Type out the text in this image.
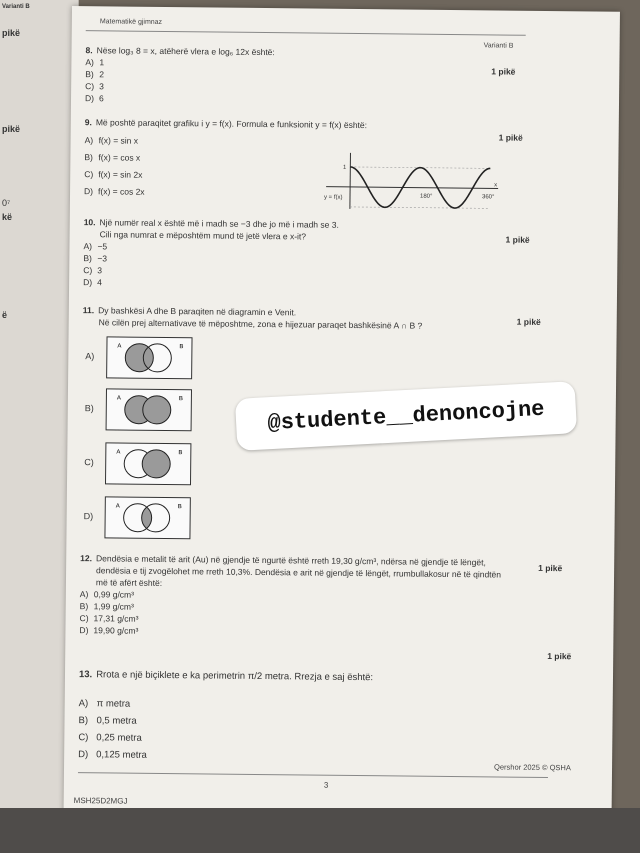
Varianti B
pikë
pikë
0⁷
kë
ë
Matematikë gjimnaz
Varianti B
8. Nëse log₃ 8 = x, atëherë vlera e log₆ 12x është:
A) 1
B) 2
C) 3
D) 6
1 pikë
9. Më poshtë paraqitet grafiku i y = f(x). Formula e funksionit y = f(x) është:
A) f(x) = sin x
B) f(x) = cos x
C) f(x) = sin 2x
D) f(x) = cos 2x
1 pikë
1
y = f(x)	180°	360°
x
10. Një numër real x është më i madh se −3 dhe jo më i madh se 3.
Cili nga numrat e mëposhtëm mund të jetë vlera e x-it?
A) −5
B) −3
C) 3
D) 4
1 pikë
11. Dy bashkësi A dhe B paraqiten në diagramin e Venit.
Në cilën prej alternativave të mëposhtme, zona e hijezuar paraqet bashkësinë A ∩ B ?	1 pikë
A)
A	B
B)
A	B
C)
A	B
D)
A	B
12. Dendësia e metalit të arit (Au) në gjendje të ngurtë është rreth 19,30 g/cm³, ndërsa në gjendje të lëngët,
dendësia e tij zvogëlohet me rreth 10,3%. Dendësia e arit në gjendje të lëngët, rrumbullakosur në të qindtën
më të afërt është:
A) 0,99 g/cm³
B) 1,99 g/cm³
C) 17,31 g/cm³
D) 19,90 g/cm³
1 pikë
1 pikë
13. Rrota e një biçiklete e ka perimetrin π/2 metra. Rrezja e saj është:
A) π metra
B) 0,5 metra
C) 0,25 metra
D) 0,125 metra
Qershor 2025 © QSHA
3
MSH25D2MGJ
@studente__denoncojne
